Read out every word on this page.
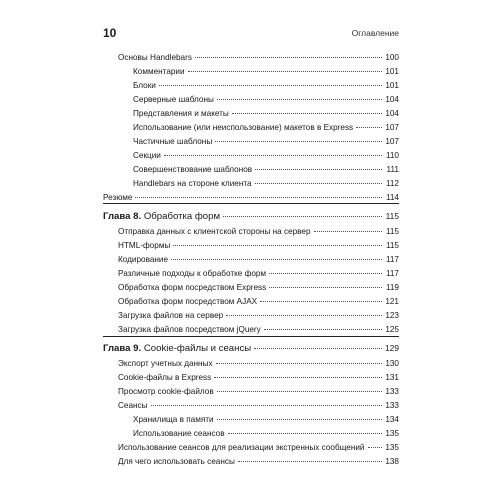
10	Оглавление
Основы Handlebars	100
Комментарии	101
Блоки	101
Серверные шаблоны	104
Представления и макеты	104
Использование (или неиспользование) макетов в Express	107
Частичные шаблоны	107
Секции	110
Совершенствование шаблонов	111
Handlebars на стороне клиента	112
Резюме	114
Глава 8. Обработка форм	115
Отправка данных с клиентской стороны на сервер	115
HTML-формы	115
Кодирование	117
Различные подходы к обработке форм	117
Обработка форм посредством Express	119
Обработка форм посредством AJAX	121
Загрузка файлов на сервер	123
Загрузка файлов посредством jQuery	125
Глава 9. Cookie-файлы и сеансы	129
Экспорт учетных данных	130
Cookie-файлы в Express	131
Просмотр cookie-файлов	133
Сеансы	133
Хранилища в памяти	134
Использование сеансов	135
Использование сеансов для реализации экстренных сообщений	135
Для чего использовать сеансы	138
